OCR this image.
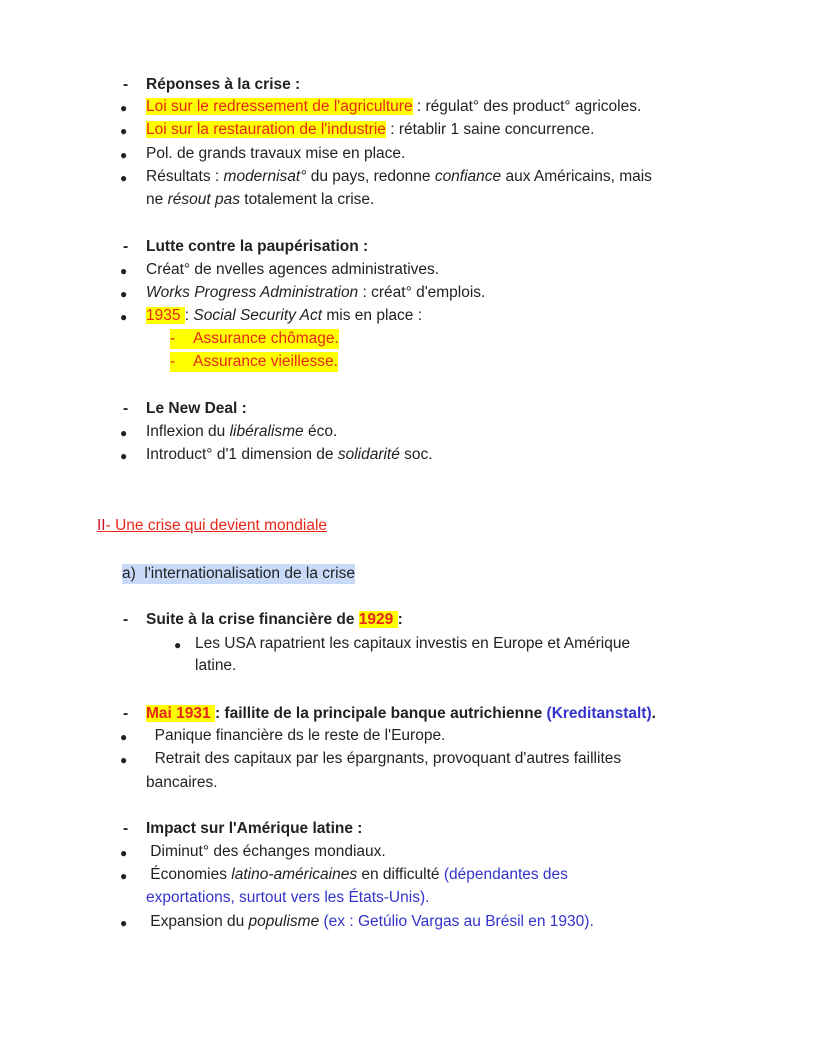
- Réponses à la crise :
● Loi sur le redressement de l'agriculture : régulat° des product° agricoles.
● Loi sur la restauration de l'industrie : rétablir 1 saine concurrence.
● Pol. de grands travaux mise en place.
● Résultats : modernisat° du pays, redonne confiance aux Américains, mais
ne résout pas totalement la crise.
- Lutte contre la paupérisation :
● Créat° de nvelles agences administratives.
● Works Progress Administration : créat° d'emplois.
● 1935 : Social Security Act mis en place :
- Assurance chômage.
- Assurance vieillesse.
- Le New Deal :
● Inflexion du libéralisme éco.
● Introduct° d'1 dimension de solidarité soc.
II- Une crise qui devient mondiale
a)  l'internationalisation de la crise
- Suite à la crise financière de 1929 :
● Les USA rapatrient les capitaux investis en Europe et Amérique
latine.
- Mai 1931 : faillite de la principale banque autrichienne (Kreditanstalt).
● Panique financière ds le reste de l'Europe.
● Retrait des capitaux par les épargnants, provoquant d'autres faillites
bancaires.
- Impact sur l'Amérique latine :
● Diminut° des échanges mondiaux.
● Économies latino-américaines en difficulté (dépendantes des
exportations, surtout vers les États-Unis).
● Expansion du populisme (ex : Getúlio Vargas au Brésil en 1930).
